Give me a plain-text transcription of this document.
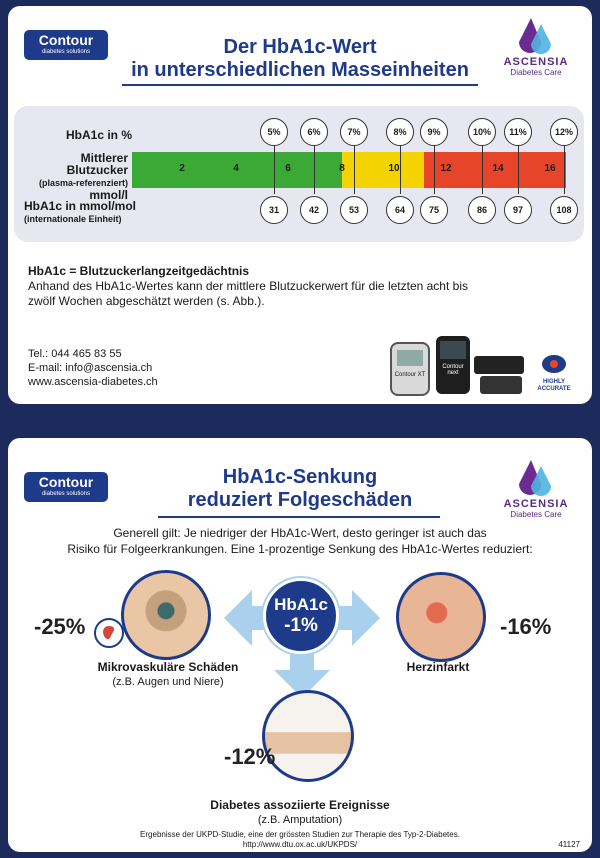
Contour
diabetes solutions
ASCENSIA
Diabetes Care
Der HbA1c-Wert
in unterschiedlichen Masseinheiten
HbA1c in %
Mittlerer Blutzucker
(plasma-referenziert)
mmol/l
HbA1c in mmol/mol
(internationale Einheit)
HbA1c = Blutzuckerlangzeitgedächtnis
Anhand des HbA1c-Wertes kann der mittlere Blutzuckerwert für die letzten acht bis
zwölf Wochen abgeschätzt werden (s. Abb.).
Tel.: 044 465 83 55
E-mail: info@ascensia.ch
www.ascensia-diabetes.ch
Contour XT
Contour next
HIGHLY ACCURATE
2	4	6	8	10	12	14	16
5%
31
6%
42
7%
53
8%
64
9%
75
10%
86
11%
97
12%
108
Contour
diabetes solutions
ASCENSIA
Diabetes Care
HbA1c-Senkung
reduziert Folgeschäden
Generell gilt: Je niedriger der HbA1c-Wert, desto geringer ist auch das
Risiko für Folgeerkrankungen. Eine 1-prozentige Senkung des HbA1c-Wertes reduziert:
HbA1c
-1%
-25%	-16%
-12%
Mikrovaskuläre Schäden
(z.B. Augen und Niere)
Herzinfarkt
Diabetes assoziierte Ereignisse
(z.B. Amputation)
Ergebnisse der UKPD-Studie, eine der grössten Studien zur Therapie des Typ-2-Diabetes.
http://www.dtu.ox.ac.uk/UKPDS/	41127
